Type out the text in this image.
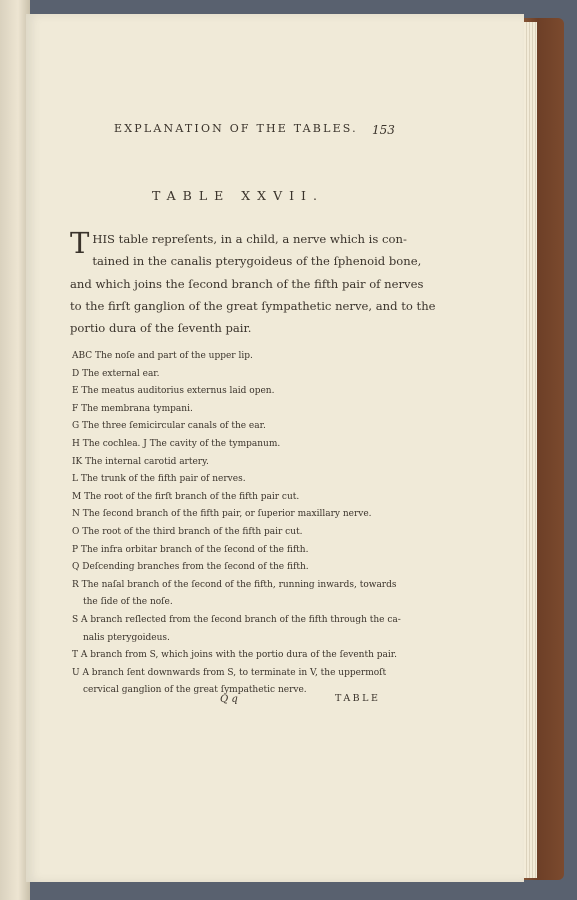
EXPLANATION OF THE TABLES. 153
TABLE XXVII.
T HIS table repreſents, in a child, a nerve which is con-
tained in the canalis pterygoideus of the ſphenoid bone,
and which joins the ſecond branch of the fifth pair of nerves
to the firſt ganglion of the great ſympathetic nerve, and to the
portio dura of the ſeventh pair.
ABC The noſe and part of the upper lip.
D The external ear.
E The meatus auditorius externus laid open.
F The membrana tympani.
G The three ſemicircular canals of the ear.
H The cochlea. J The cavity of the tympanum.
IK The internal carotid artery.
L The trunk of the fifth pair of nerves.
M The root of the firſt branch of the fifth pair cut.
N The ſecond branch of the fifth pair, or ſuperior maxillary nerve.
O The root of the third branch of the fifth pair cut.
P The infra orbitar branch of the ſecond of the fifth.
Q Deſcending branches from the ſecond of the fifth.
R The naſal branch of the ſecond of the fifth, running inwards, towards
the ſide of the noſe.
S A branch reſlected from the ſecond branch of the fifth through the ca-
nalis pterygoideus.
T A branch from S, which joins with the portio dura of the ſeventh pair.
U A branch ſent downwards from S, to terminate in V, the uppermoſt
cervical ganglion of the great ſympathetic nerve.
Q q	TABLE
